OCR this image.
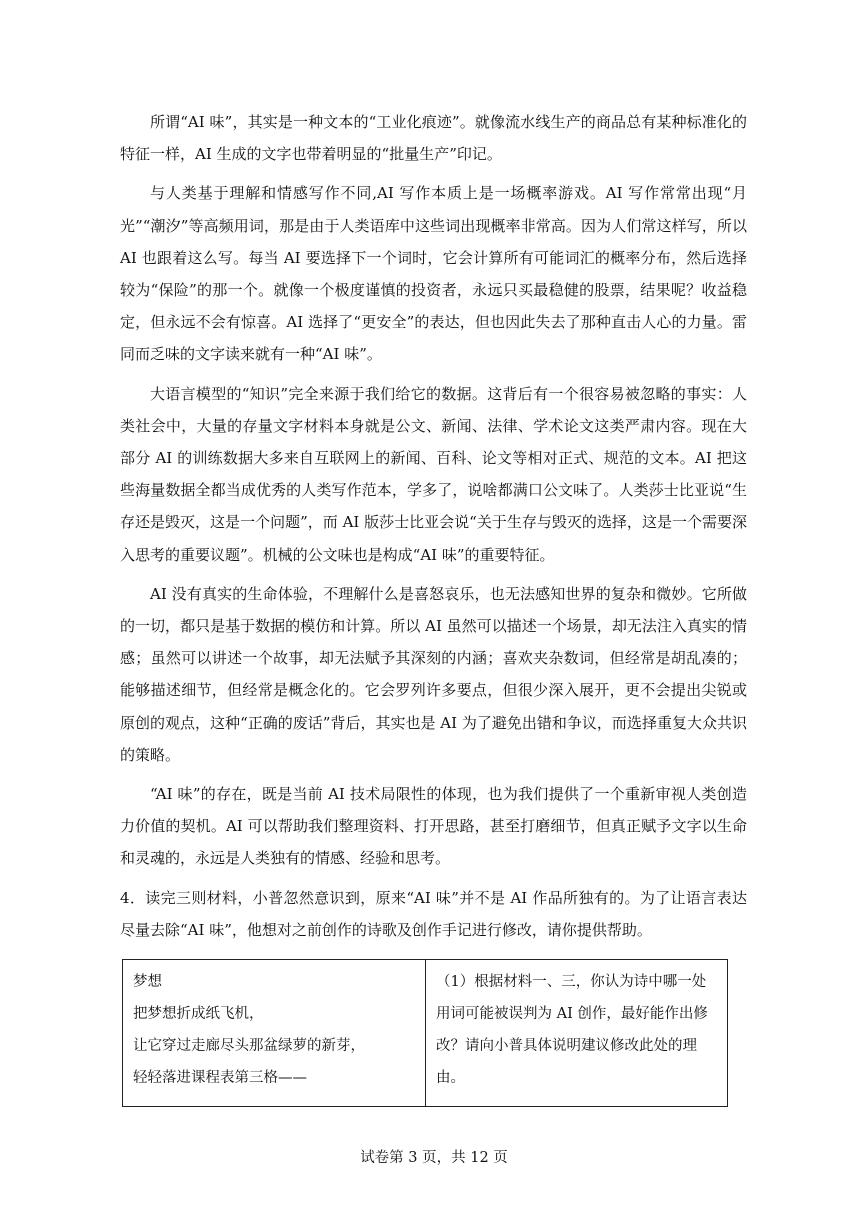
所谓“AI 味”，其实是一种文本的“工业化痕迹”。就像流水线生产的商品总有某种标准化的特征一样，AI 生成的文字也带着明显的“批量生产”印记。

与人类基于理解和情感写作不同,AI 写作本质上是一场概率游戏。AI 写作常常出现“月光”“潮汐”等高频用词，那是由于人类语库中这些词出现概率非常高。因为人们常这样写，所以 AI 也跟着这么写。每当 AI 要选择下一个词时，它会计算所有可能词汇的概率分布，然后选择较为“保险”的那一个。就像一个极度谨慎的投资者，永远只买最稳健的股票，结果呢？收益稳定，但永远不会有惊喜。AI 选择了“更安全”的表达，但也因此失去了那种直击人心的力量。雷同而乏味的文字读来就有一种“AI 味”。

大语言模型的“知识”完全来源于我们给它的数据。这背后有一个很容易被忽略的事实：人类社会中，大量的存量文字材料本身就是公文、新闻、法律、学术论文这类严肃内容。现在大部分 AI 的训练数据大多来自互联网上的新闻、百科、论文等相对正式、规范的文本。AI 把这些海量数据全都当成优秀的人类写作范本，学多了，说啥都满口公文味了。人类莎士比亚说“生存还是毁灭，这是一个问题”，而 AI 版莎士比亚会说“关于生存与毁灭的选择，这是一个需要深入思考的重要议题”。机械的公文味也是构成“AI 味”的重要特征。

AI 没有真实的生命体验，不理解什么是喜怒哀乐，也无法感知世界的复杂和微妙。它所做的一切，都只是基于数据的模仿和计算。所以 AI 虽然可以描述一个场景，却无法注入真实的情感；虽然可以讲述一个故事，却无法赋予其深刻的内涵；喜欢夹杂数词，但经常是胡乱凑的；能够描述细节，但经常是概念化的。它会罗列许多要点，但很少深入展开，更不会提出尖锐或原创的观点，这种“正确的废话”背后，其实也是 AI 为了避免出错和争议，而选择重复大众共识的策略。

“AI 味”的存在，既是当前 AI 技术局限性的体现，也为我们提供了一个重新审视人类创造力价值的契机。AI 可以帮助我们整理资料、打开思路，甚至打磨细节，但真正赋予文字以生命和灵魂的，永远是人类独有的情感、经验和思考。

4．读完三则材料，小普忽然意识到，原来“AI 味”并不是 AI 作品所独有的。为了让语言表达尽量去除“AI 味”，他想对之前创作的诗歌及创作手记进行修改，请你提供帮助。

梦想
把梦想折成纸飞机，
让它穿过走廊尽头那盆绿萝的新芽，
轻轻落进课程表第三格——
	（1）根据材料一、三，你认为诗中哪一处用词可能被误判为 AI 创作，最好能作出修改？请向小普具体说明建议修改此处的理由。
试卷第 3 页，共 12 页
